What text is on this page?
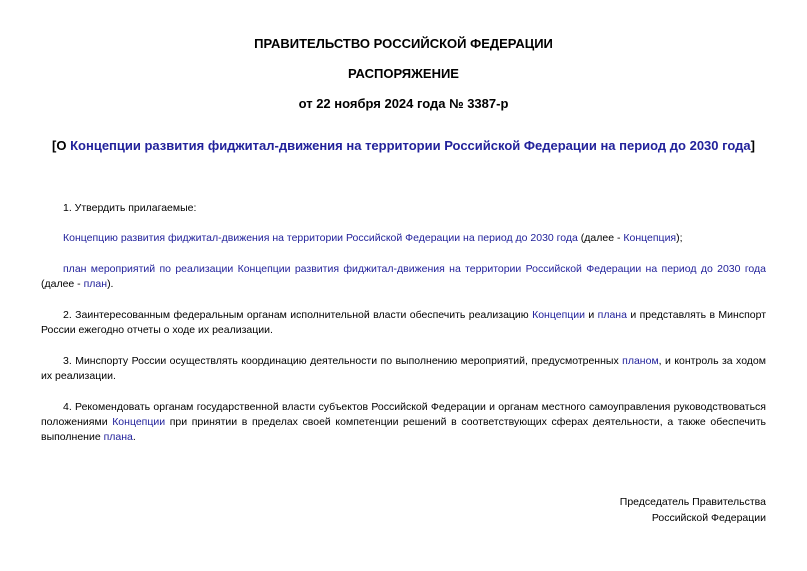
ПРАВИТЕЛЬСТВО РОССИЙСКОЙ ФЕДЕРАЦИИ
РАСПОРЯЖЕНИЕ
от 22 ноября 2024 года № 3387-р
[О Концепции развития фиджитал-движения на территории Российской Федерации на период до 2030 года]
1. Утвердить прилагаемые:
Концепцию развития фиджитал-движения на территории Российской Федерации на период до 2030 года (далее - Концепция);
план мероприятий по реализации Концепции развития фиджитал-движения на территории Российской Федерации на период до 2030 года (далее - план).
2. Заинтересованным федеральным органам исполнительной власти обеспечить реализацию Концепции и плана и представлять в Минспорт России ежегодно отчеты о ходе их реализации.
3. Минспорту России осуществлять координацию деятельности по выполнению мероприятий, предусмотренных планом, и контроль за ходом их реализации.
4. Рекомендовать органам государственной власти субъектов Российской Федерации и органам местного самоуправления руководствоваться положениями Концепции при принятии в пределах своей компетенции решений в соответствующих сферах деятельности, а также обеспечить выполнение плана.
Председатель Правительства
Российской Федерации
